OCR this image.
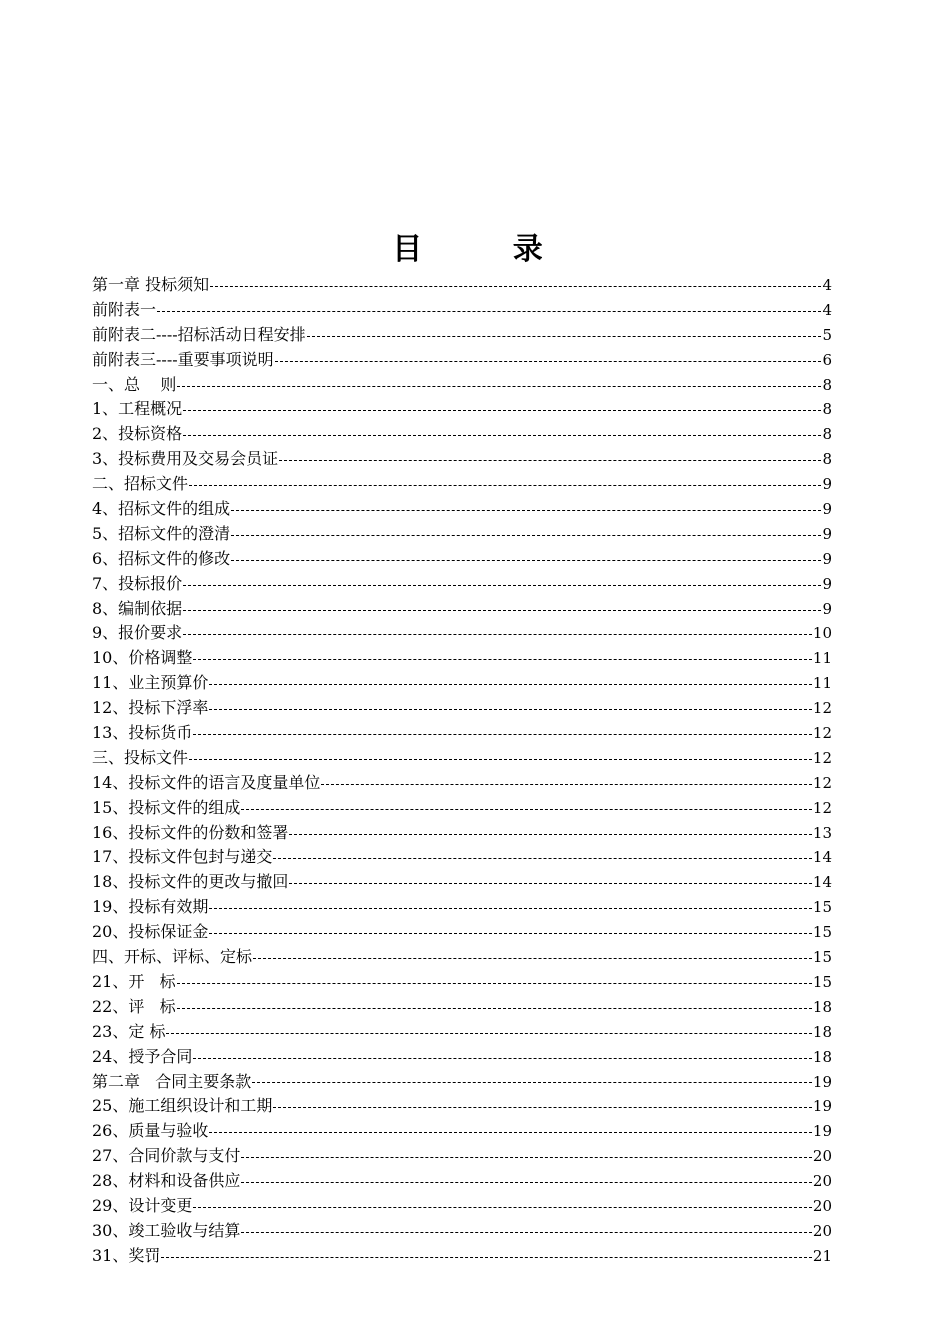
目 录
第一章 投标须知	4
前附表一	4
前附表二----招标活动日程安排	5
前附表三----重要事项说明	6
一、总    则	8
1、工程概况	8
2、投标资格	8
3、投标费用及交易会员证	8
二、招标文件	9
4、招标文件的组成	9
5、招标文件的澄清	9
6、招标文件的修改	9
7、投标报价	9
8、编制依据	9
9、报价要求	10
10、价格调整	11
11、业主预算价	11
12、投标下浮率	12
13、投标货币	12
三、投标文件	12
14、投标文件的语言及度量单位	12
15、投标文件的组成	12
16、投标文件的份数和签署	13
17、投标文件包封与递交	14
18、投标文件的更改与撤回	14
19、投标有效期	15
20、投标保证金	15
四、开标、评标、定标	15
21、开   标	15
22、评   标	18
23、定 标	18
24、授予合同	18
第二章   合同主要条款	19
25、施工组织设计和工期	19
26、质量与验收	19
27、合同价款与支付	20
28、材料和设备供应	20
29、设计变更	20
30、竣工验收与结算	20
31、奖罚	21
